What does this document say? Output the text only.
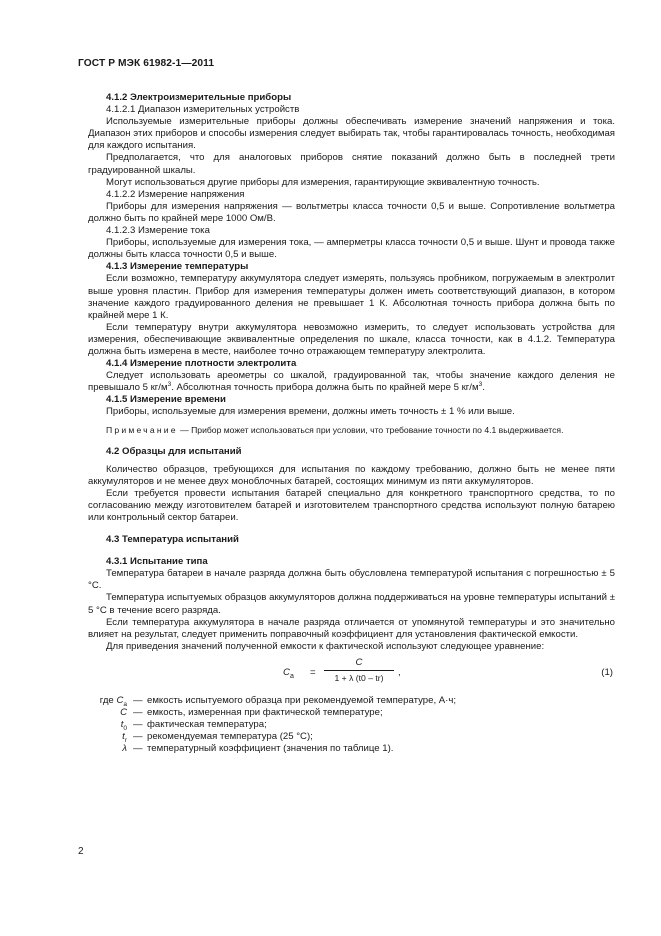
ГОСТ Р МЭК 61982-1—2011
4.1.2 Электроизмерительные приборы
4.1.2.1 Диапазон измерительных устройств

Используемые измерительные приборы должны обеспечивать измерение значений напряжения и тока. Диапазон этих приборов и способы измерения следует выбирать так, чтобы гарантировалась точность, необходимая для каждого испытания.

Предполагается, что для аналоговых приборов снятие показаний должно быть в последней трети градуированной шкалы.

Могут использоваться другие приборы для измерения, гарантирующие эквивалентную точность.

4.1.2.2 Измерение напряжения

Приборы для измерения напряжения — вольтметры класса точности 0,5 и выше. Сопротивление вольтметра должно быть по крайней мере 1000 Ом/В.

4.1.2.3 Измерение тока

Приборы, используемые для измерения тока, — амперметры класса точности 0,5 и выше. Шунт и провода также должны быть класса точности 0,5 и выше.

4.1.3 Измерение температуры

Если возможно, температуру аккумулятора следует измерять, пользуясь пробником, погружаемым в электролит выше уровня пластин. Прибор для измерения температуры должен иметь соответствующий диапазон, в котором значение каждого градуированного деления не превышает 1 К. Абсолютная точность прибора должна быть по крайней мере 1 К.

Если температуру внутри аккумулятора невозможно измерить, то следует использовать устройства для измерения, обеспечивающие эквивалентные определения по шкале, класса точности, как в 4.1.2. Температура должна быть измерена в месте, наиболее точно отражающем температуру электролита.

4.1.4 Измерение плотности электролита

Следует использовать ареометры со шкалой, градуированной так, чтобы значение каждого деления не превышало 5 $кг/м^3$. Абсолютная точность прибора должна быть по крайней мере 5 $кг/м^3$.

4.1.5 Измерение времени

Приборы, используемые для измерения времени, должны иметь точность ± 1 % или выше.

Примечание — Прибор может использоваться при условии, что требование точности по 4.1 выдерживается.

4.2 Образцы для испытаний

Количество образцов, требующихся для испытания по каждому требованию, должно быть не менее пяти аккумуляторов и не менее двух моноблочных батарей, состоящих минимум из пяти аккумуляторов.

Если требуется провести испытания батарей специально для конкретного транспортного средства, то по согласованию между изготовителем батарей и изготовителем транспортного средства используют полную батарею или контрольный сектор батареи.

4.3 Температура испытаний
4.3.1 Испытание типа

Температура батареи в начале разряда должна быть обусловлена температурой испытания с погрешностью ± 5 °С.

Температура испытуемых образцов аккумуляторов должна поддерживаться на уровне температуры испытаний ± 5 °С в течение всего разряда.

Если температура аккумулятора в начале разряда отличается от упомянутой температуры и это значительно влияет на результат, следует применить поправочный коэффициент для установления фактической емкости.

Для приведения значений полученной емкости к фактической используют следующее уравнение:

$C_a = \frac{C}{1 + \lambda (t0 - tr)}$ ,	(1)
где $C_a$ — емкость испытуемого образца при рекомендуемой температуре, А·ч;
C — емкость, измеренная при фактической температуре;
$t_0$ — фактическая температура;
$t_r$ — рекомендуемая температура (25 °С);
λ — температурный коэффициент (значения по таблице 1).
2
